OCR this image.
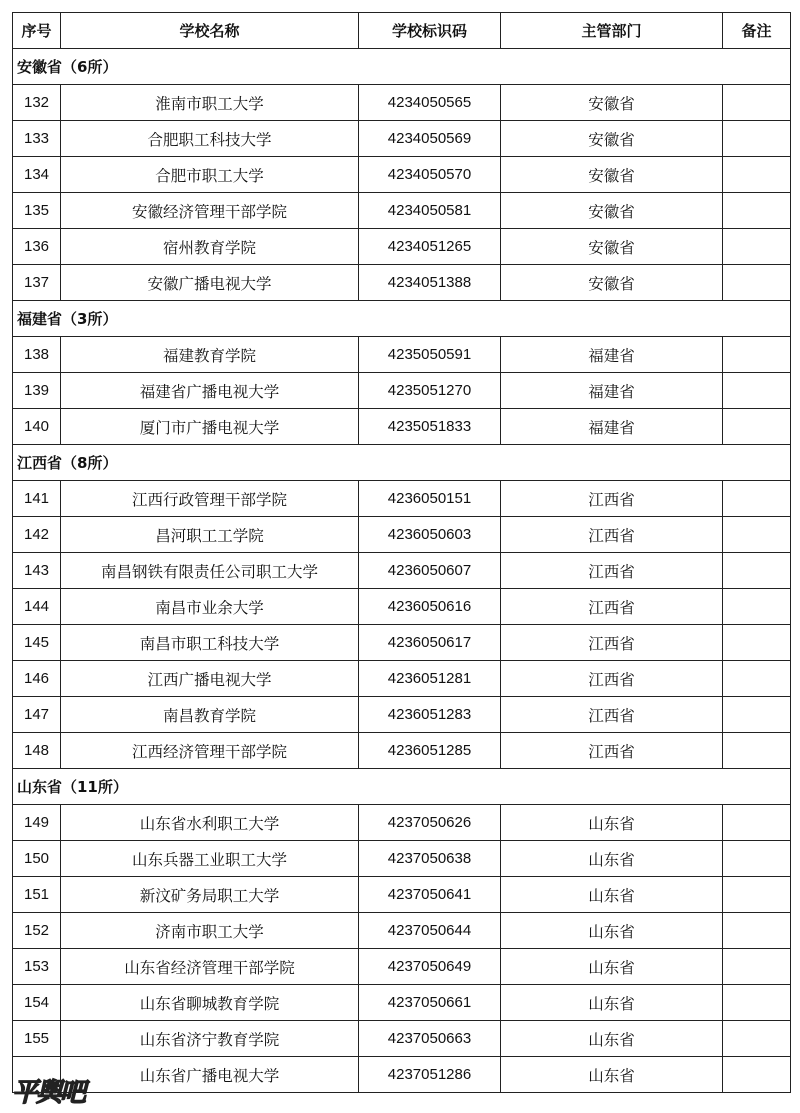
序号	学校名称	学校标识码	主管部门	备注
安徽省（6所）				
132	淮南市职工大学	4234050565	安徽省	
133	合肥职工科技大学	4234050569	安徽省	
134	合肥市职工大学	4234050570	安徽省	
135	安徽经济管理干部学院	4234050581	安徽省	
136	宿州教育学院	4234051265	安徽省	
137	安徽广播电视大学	4234051388	安徽省	
福建省（3所）				
138	福建教育学院	4235050591	福建省	
139	福建省广播电视大学	4235051270	福建省	
140	厦门市广播电视大学	4235051833	福建省	
江西省（8所）				
141	江西行政管理干部学院	4236050151	江西省	
142	昌河职工工学院	4236050603	江西省	
143	南昌钢铁有限责任公司职工大学	4236050607	江西省	
144	南昌市业余大学	4236050616	江西省	
145	南昌市职工科技大学	4236050617	江西省	
146	江西广播电视大学	4236051281	江西省	
147	南昌教育学院	4236051283	江西省	
148	江西经济管理干部学院	4236051285	江西省	
山东省（11所）				
149	山东省水利职工大学	4237050626	山东省	
150	山东兵器工业职工大学	4237050638	山东省	
151	新汶矿务局职工大学	4237050641	山东省	
152	济南市职工大学	4237050644	山东省	
153	山东省经济管理干部学院	4237050649	山东省	
154	山东省聊城教育学院	4237050661	山东省	
155	山东省济宁教育学院	4237050663	山东省	
	山东省广播电视大学	4237051286	山东省	
平舆吧
